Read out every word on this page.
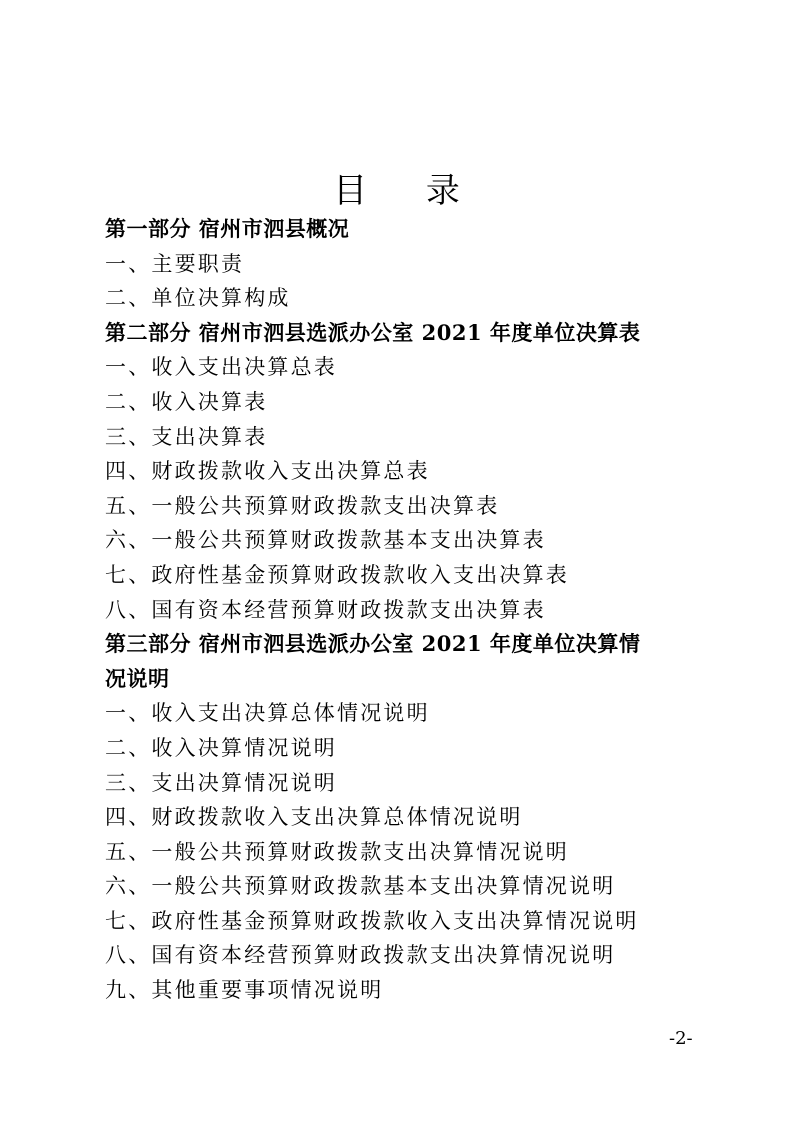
目 录
第一部分 宿州市泗县概况
一、主要职责
二、单位决算构成
第二部分 宿州市泗县选派办公室 2021 年度单位决算表
一、收入支出决算总表
二、收入决算表
三、支出决算表
四、财政拨款收入支出决算总表
五、一般公共预算财政拨款支出决算表
六、一般公共预算财政拨款基本支出决算表
七、政府性基金预算财政拨款收入支出决算表
八、国有资本经营预算财政拨款支出决算表
第三部分 宿州市泗县选派办公室 2021 年度单位决算情
况说明
一、收入支出决算总体情况说明
二、收入决算情况说明
三、支出决算情况说明
四、财政拨款收入支出决算总体情况说明
五、一般公共预算财政拨款支出决算情况说明
六、一般公共预算财政拨款基本支出决算情况说明
七、政府性基金预算财政拨款收入支出决算情况说明
八、国有资本经营预算财政拨款支出决算情况说明
九、其他重要事项情况说明
-2-
